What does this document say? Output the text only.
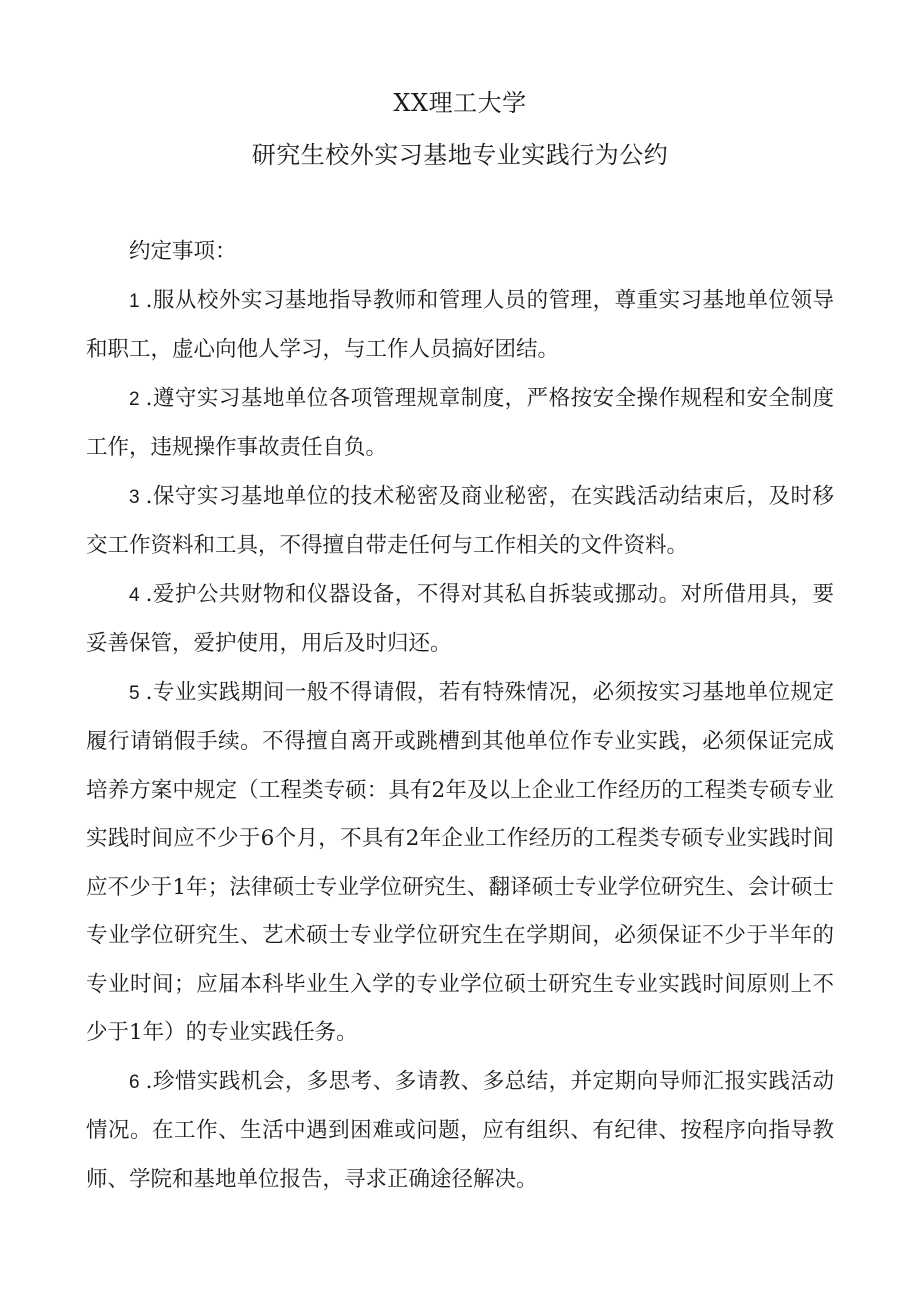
XX理工大学
研究生校外实习基地专业实践行为公约

约定事项：

1 .服从校外实习基地指导教师和管理人员的管理，尊重实习基地单位领导和职工，虚心向他人学习，与工作人员搞好团结。

2 .遵守实习基地单位各项管理规章制度，严格按安全操作规程和安全制度工作，违规操作事故责任自负。

3 .保守实习基地单位的技术秘密及商业秘密，在实践活动结束后，及时移交工作资料和工具，不得擅自带走任何与工作相关的文件资料。

4 .爱护公共财物和仪器设备，不得对其私自拆装或挪动。对所借用具，要妥善保管，爱护使用，用后及时归还。

5 .专业实践期间一般不得请假，若有特殊情况，必须按实习基地单位规定履行请销假手续。不得擅自离开或跳槽到其他单位作专业实践，必须保证完成培养方案中规定（工程类专硕：具有2年及以上企业工作经历的工程类专硕专业实践时间应不少于6个月，不具有2年企业工作经历的工程类专硕专业实践时间应不少于1年；法律硕士专业学位研究生、翻译硕士专业学位研究生、会计硕士专业学位研究生、艺术硕士专业学位研究生在学期间，必须保证不少于半年的专业时间；应届本科毕业生入学的专业学位硕士研究生专业实践时间原则上不少于1年）的专业实践任务。

6 .珍惜实践机会，多思考、多请教、多总结，并定期向导师汇报实践活动情况。在工作、生活中遇到困难或问题，应有组织、有纪律、按程序向指导教师、学院和基地单位报告，寻求正确途径解决。
